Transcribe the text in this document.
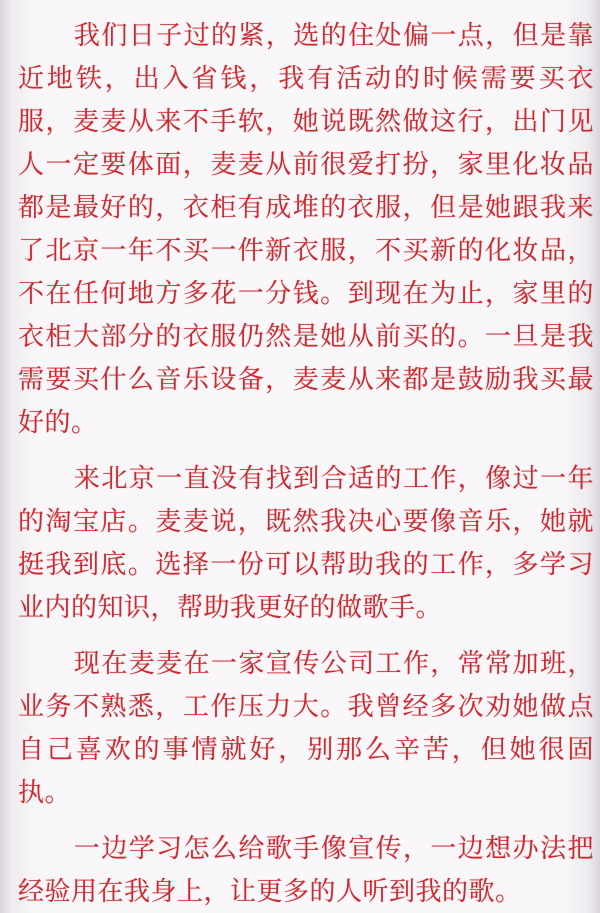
我们日子过的紧，选的住处偏一点，但是靠近地铁，出入省钱，我有活动的时候需要买衣服，麦麦从来不手软，她说既然做这行，出门见人一定要体面，麦麦从前很爱打扮，家里化妆品都是最好的，衣柜有成堆的衣服，但是她跟我来了北京一年不买一件新衣服，不买新的化妆品，不在任何地方多花一分钱。到现在为止，家里的衣柜大部分的衣服仍然是她从前买的。一旦是我需要买什么音乐设备，麦麦从来都是鼓励我买最好的。

来北京一直没有找到合适的工作，像过一年的淘宝店。麦麦说，既然我决心要像音乐，她就挺我到底。选择一份可以帮助我的工作，多学习业内的知识，帮助我更好的做歌手。

现在麦麦在一家宣传公司工作，常常加班，业务不熟悉，工作压力大。我曾经多次劝她做点自己喜欢的事情就好，别那么辛苦，但她很固执。

一边学习怎么给歌手像宣传，一边想办法把经验用在我身上，让更多的人听到我的歌。
